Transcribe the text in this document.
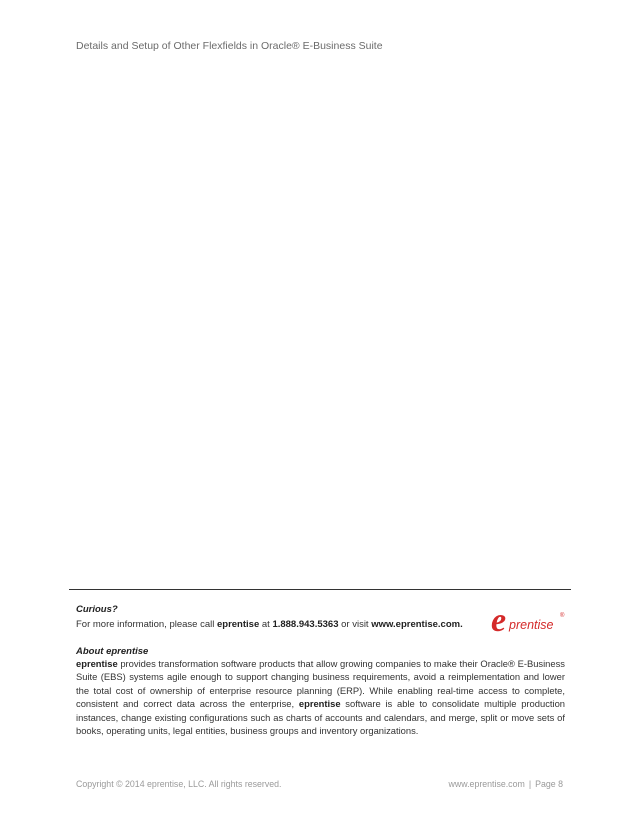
Details and Setup of Other Flexfields in Oracle® E-Business Suite
Curious?
For more information, please call eprentise at 1.888.943.5363 or visit www.eprentise.com. e prentise
®
About eprentise
eprentise provides transformation software products that allow growing companies to make their Oracle® E-Business Suite (EBS) systems agile enough to support changing business requirements, avoid a reimplementation and lower the total cost of ownership of enterprise resource planning (ERP). While enabling real-time access to complete, consistent and correct data across the enterprise, eprentise software is able to consolidate multiple production instances, change existing configurations such as charts of accounts and calendars, and merge, split or move sets of books, operating units, legal entities, business groups and inventory organizations.
Copyright © 2014 eprentise, LLC. All rights reserved.	www.eprentise.com | Page 8
